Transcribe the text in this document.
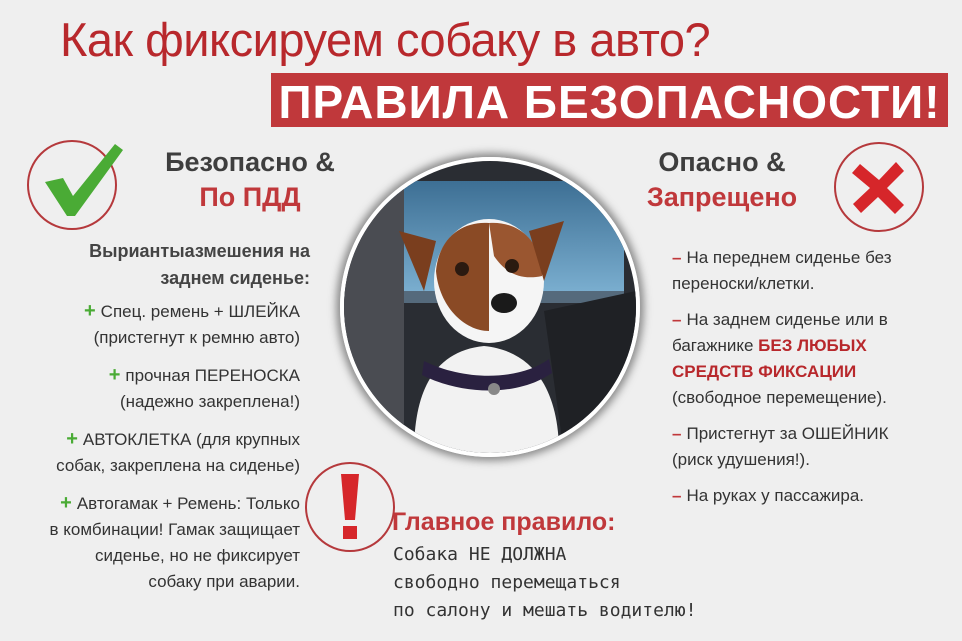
Как фиксируем собаку в авто?
ПРАВИЛА БЕЗОПАСНОСТИ!
Безопасно &
По ПДД
Выриантыазмешения на
заднем сиденье:
+ Спец. ремень + ШЛЕЙКА
(пристегнут к ремню авто)
+ прочная ПЕРЕНОСКА
(надежно закреплена!)
+ АВТОКЛЕТКА (для крупных
собак, закреплена на сиденье)
+ Автогамак + Ремень: Только
в комбинации! Гамак защищает
сиденье, но не фиксирует
собаку при аварии.
Опасно &
Запрещено
– На переднем сиденье без
переноски/клетки.
– На заднем сиденье или в
багажнике БЕЗ ЛЮБЫХ
СРЕДСТВ ФИКСАЦИИ
(свободное перемещение).
– Пристегнут за ОШЕЙНИК
(риск удушения!).
– На руках у пассажира.
Главное правило:
Собака НЕ ДОЛЖНА
свободно перемещаться
по салону и мешать водителю!
